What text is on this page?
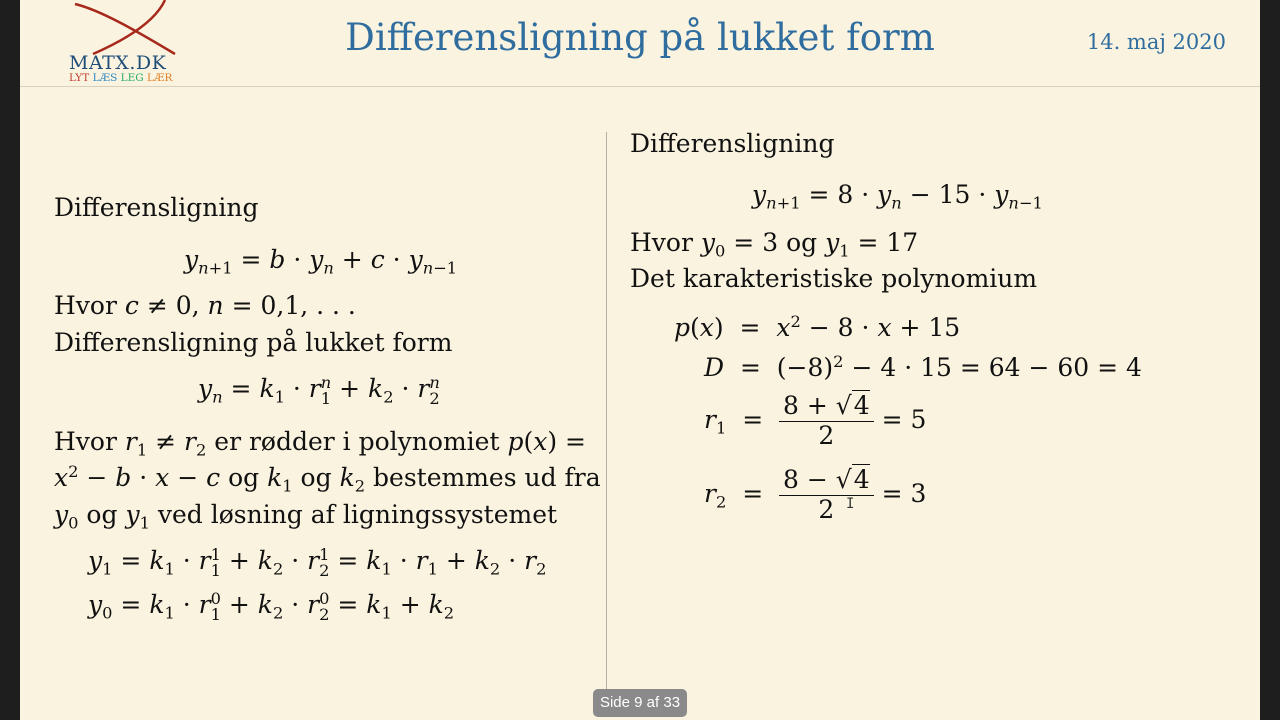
MATX.DK
LYT LÆS LEG LÆR
Differensligning på lukket form	14. maj 2020
Differensligning
$y_{n+1} = b \cdot y_n + c \cdot y_{n-1}$
Hvor c ≠ 0, n = 0,1, . . .
Differensligning på lukket form
$y_n = k_1 \cdot r$ n
$1 + k_2 \cdot r$ n
2
Hvor $r_1 \ne r_2$ er rødder i polynomiet p(x) =
$x^2 - b \cdot x - c$ og $k_1$ og $k_2$ bestemmes ud fra
$y_0$ og $y_1$ ved løsning af ligningssystemet
$y_1 = k_1 \cdot r$ 1
$1 + k_2 \cdot r$ 1
$2 = k_1 \cdot r_1 + k_2 \cdot r_2$
$y_0 = k_1 \cdot r$ 0
$1 + k_2 \cdot r$ 0
$2 = k_1 + k_2$
Differensligning
$y_{n+1} = 8 \cdot y_n - 15 \cdot y_{n-1}$
Hvor $y_0 = 3$ og $y_1 = 17$
Det karakteristiske polynomium
$p(x) = x^2 - 8 \cdot x + 15$
$D = (-8)^2 - 4 \cdot 15 = 64 - 60 = 4$
$r_1 = \frac{8 + √4}{2} = 5$
$r_2 = \frac{8 - √4}{2} = 3$
I
Side 9 af 33
